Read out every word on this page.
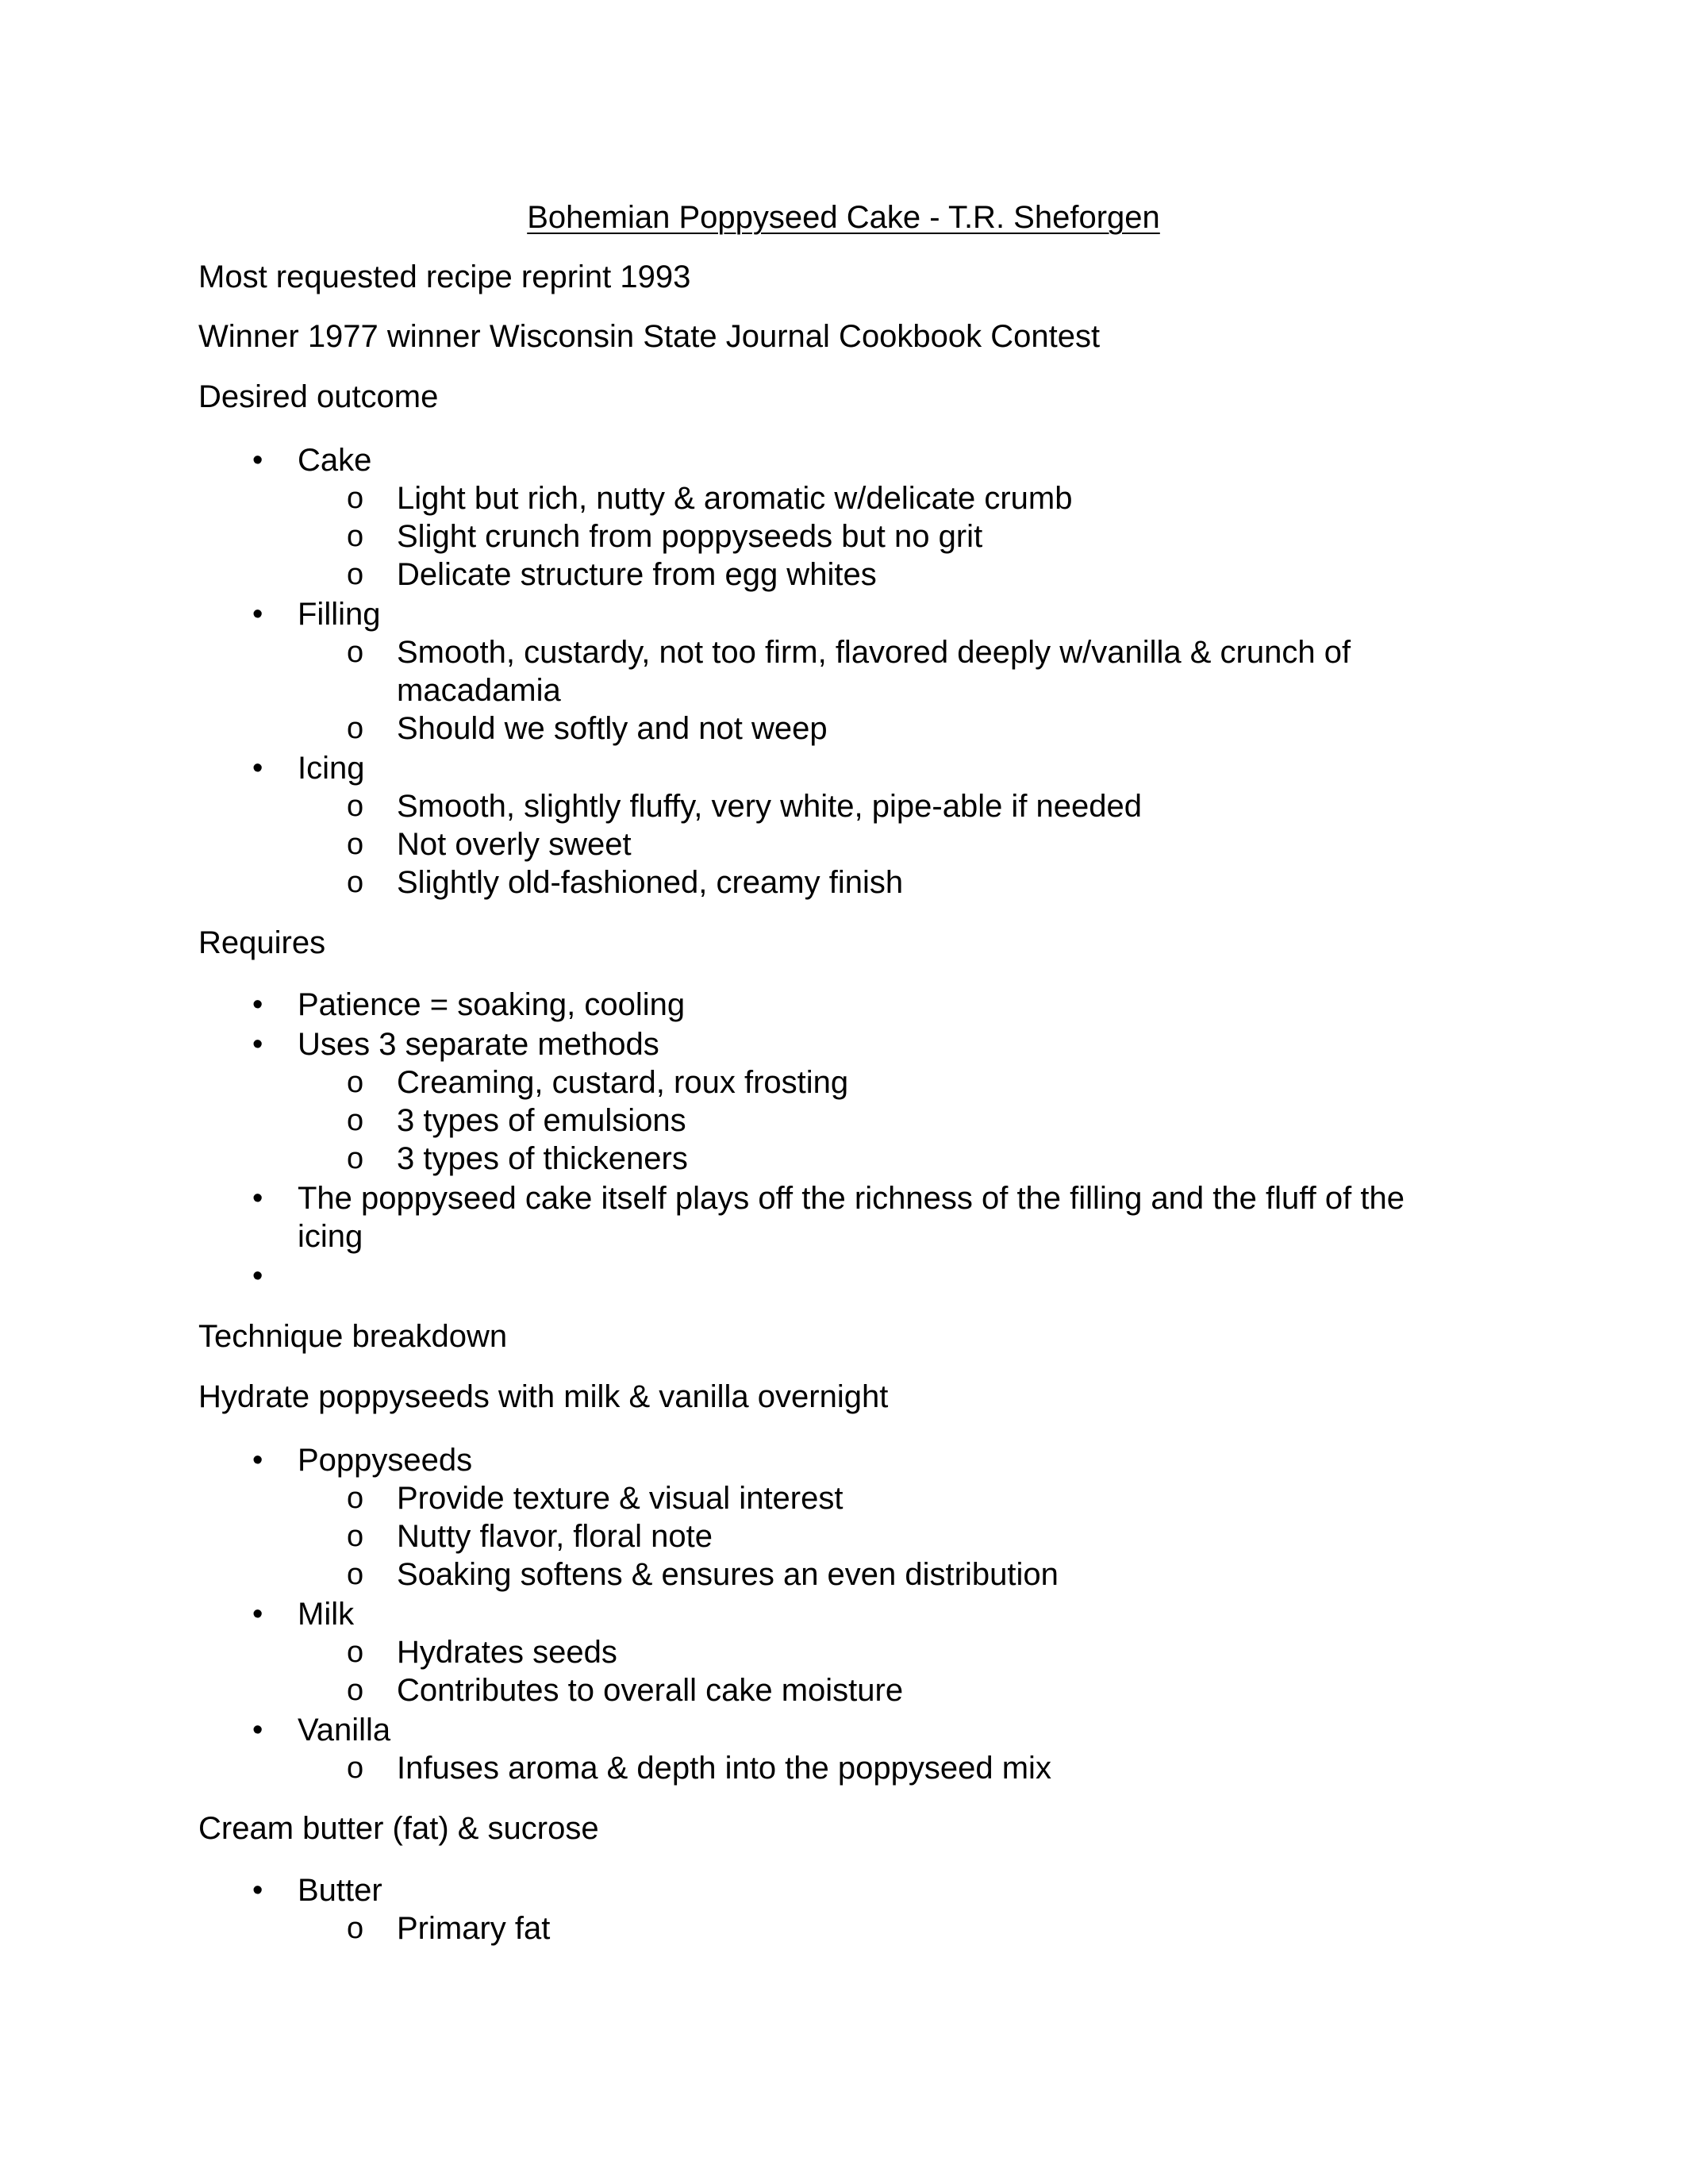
Bohemian Poppyseed Cake - T.R. Sheforgen

Most requested recipe reprint 1993

Winner 1977 winner Wisconsin State Journal Cookbook Contest

Desired outcome

• Cake

o Light but rich, nutty & aromatic w/delicate crumb

o Slight crunch from poppyseeds but no grit

o Delicate structure from egg whites

• Filling

o Smooth, custardy, not too firm, flavored deeply w/vanilla & crunch of

macadamia

o Should we softly and not weep

• Icing

o Smooth, slightly fluffy, very white, pipe-able if needed

o Not overly sweet

o Slightly old-fashioned, creamy finish

Requires

• Patience = soaking, cooling

• Uses 3 separate methods

o Creaming, custard, roux frosting

o 3 types of emulsions

o 3 types of thickeners

• The poppyseed cake itself plays off the richness of the filling and the fluff of the

icing

•

Technique breakdown

Hydrate poppyseeds with milk & vanilla overnight

• Poppyseeds

o Provide texture & visual interest

o Nutty flavor, floral note

o Soaking softens & ensures an even distribution

• Milk

o Hydrates seeds

o Contributes to overall cake moisture

• Vanilla

o Infuses aroma & depth into the poppyseed mix

Cream butter (fat) & sucrose

• Butter

o Primary fat
